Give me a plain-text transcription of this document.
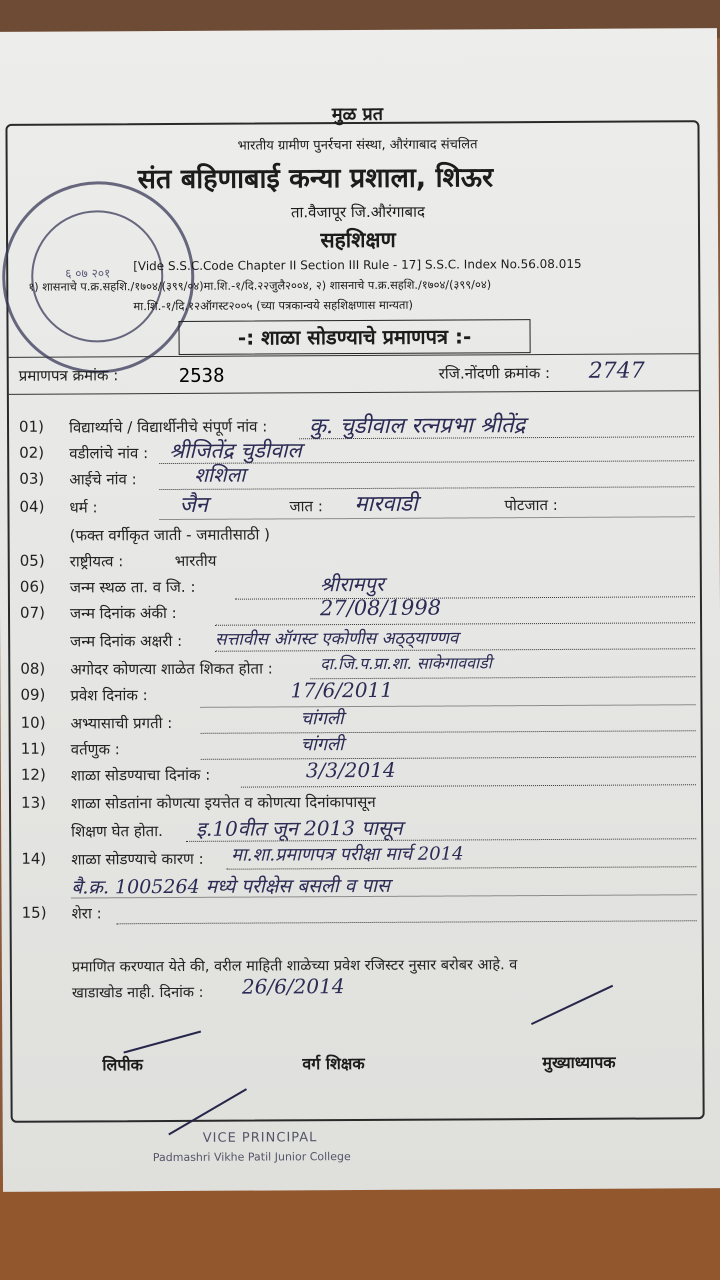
६ ०७ २०१
मुळ प्रत
भारतीय ग्रामीण पुनर्रचना संस्था, औरंगाबाद संचलित
संत बहिणाबाई कन्या प्रशाला, शिऊर
ता.वैजापूर जि.औरंगाबाद
सहशिक्षण
[Vide S.S.C.Code Chapter II Section III Rule - 17] S.S.C. Index No.56.08.015
१) शासनाचे प.क्र.सहशि./१७०४/(३९९/०४)मा.शि.-१/दि.२२जुलै२००४, २) शासनाचे प.क्र.सहशि./१७०४/(३९९/०४)
मा.शि.-१/दि.१२ऑगस्ट२००५ (च्या पत्रकान्वये सहशिक्षणास मान्यता)
-: शाळा सोडण्याचे प्रमाणपत्र :-
प्रमाणपत्र क्रमांक :	2538	रजि.नोंदणी क्रमांक : 2747
01) विद्यार्थ्याचे / विद्यार्थीनीचे संपूर्ण नांव : कु. चुडीवाल रत्नप्रभा श्रीतेंद्र
02) वडीलांचे नांव : श्रीजितेंद्र चुडीवाल
03) आईचे नांव :	शशिला
04) धर्म :	जैन	जात : मारवाडी	पोटजात :
(फक्त वर्गीकृत जाती - जमातीसाठी )
05) राष्ट्रीयत्व :	भारतीय
06) जन्म स्थळ ता. व जि. :	श्रीरामपुर
07) जन्म दिनांक अंकी :	27/08/1998
जन्म दिनांक अक्षरी : सत्तावीस ऑगस्ट एकोणीस अठ्ठ्याण्णव
08) अगोदर कोणत्या शाळेत शिकत होता :	दा.जि.प.प्रा.शा. साकेगाववाडी
09) प्रवेश दिनांक :	17/6/2011
10) अभ्यासाची प्रगती :	चांगली
11) वर्तणुक :	चांगली
12) शाळा सोडण्याचा दिनांक :	3/3/2014
13) शाळा सोडतांना कोणत्या इयत्तेत व कोणत्या दिनांकापासून
शिक्षण घेत होता. इ.10वीत जून 2013 पासून
14) शाळा सोडण्याचे कारण : मा.शा.प्रमाणपत्र परीक्षा मार्च 2014
बै.क्र. 1005264 मध्ये परीक्षेस बसली व पास
15) शेरा :
प्रमाणित करण्यात येते की, वरील माहिती शाळेच्या प्रवेश रजिस्टर नुसार बरोबर आहे. व
खाडाखोड नाही. दिनांक : 26/6/2014
लिपीक	वर्ग शिक्षक	मुख्याध्यापक
VICE PRINCIPAL
Padmashri Vikhe Patil Junior College
